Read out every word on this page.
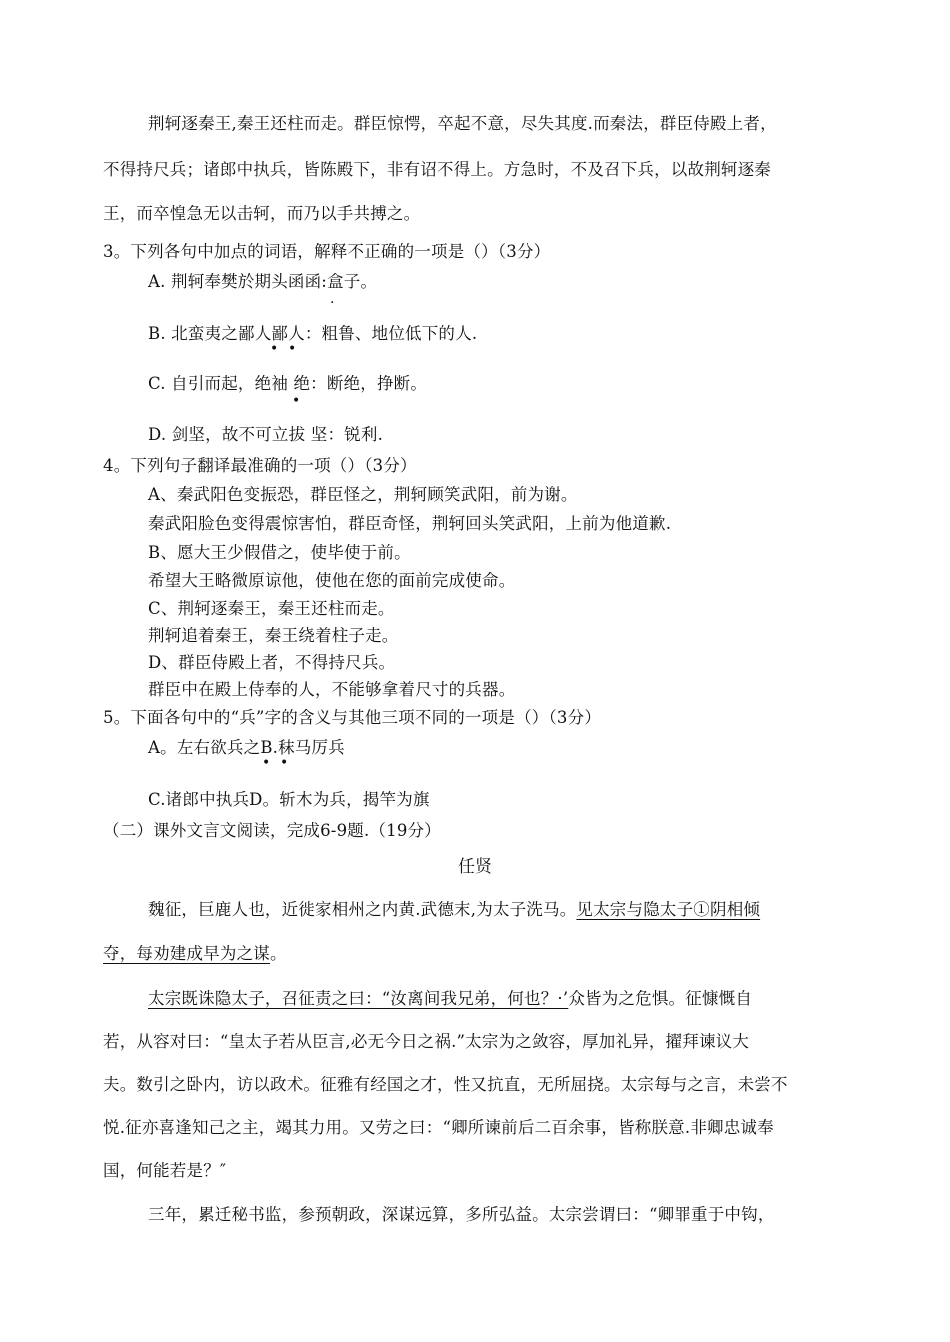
荆轲逐秦王,秦王还柱而走。群臣惊愕，卒起不意，尽失其度.而秦法，群臣侍殿上者，
不得持尺兵；诸郎中执兵，皆陈殿下，非有诏不得上。方急时，不及召下兵，以故荆轲逐秦
王，而卒惶急无以击轲，而乃以手共搏之。
3。下列各句中加点的词语，解释不正确的一项是（）（3分）
A. 荆轲奉樊於期头函函:盒子。
·
B. 北蛮夷之鄙人鄙人：粗鲁、地位低下的人.
• •
C. 自引而起，绝袖 绝：断绝，挣断。
•
D. 剑坚，故不可立拔 坚：锐利.
4。下列句子翻译最准确的一项（）（3分）
A、秦武阳色变振恐，群臣怪之，荆轲顾笑武阳，前为谢。
秦武阳脸色变得震惊害怕，群臣奇怪，荆轲回头笑武阳，上前为他道歉.
B、愿大王少假借之，使毕使于前。
希望大王略微原谅他，使他在您的面前完成使命。
C、荆轲逐秦王，秦王还柱而走。
荆轲追着秦王，秦王绕着柱子走。
D、群臣侍殿上者，不得持尺兵。
群臣中在殿上侍奉的人，不能够拿着尺寸的兵器。
5。下面各句中的“兵”字的含义与其他三项不同的一项是（）（3分）
A。左右欲兵之B.秣马厉兵
• •
C.诸郎中执兵D。斩木为兵，揭竿为旗
（二）课外文言文阅读，完成6-9题.（19分）
任贤
魏征，巨鹿人也，近徙家相州之内黄.武德末,为太子洗马。见太宗与隐太子①阴相倾
夺，每劝建成早为之谋。
太宗既诛隐太子，召征责之曰：“汝离间我兄弟，何也？·’众皆为之危惧。征慷慨自
若，从容对曰：“皇太子若从臣言,必无今日之祸.”太宗为之敛容，厚加礼异，擢拜谏议大
夫。数引之卧内，访以政术。征雅有经国之才，性又抗直，无所屈挠。太宗每与之言，未尝不
悦.征亦喜逢知己之主，竭其力用。又劳之曰：“卿所谏前后二百余事，皆称朕意.非卿忠诚奉
国，何能若是？″
三年，累迁秘书监，参预朝政，深谋远算，多所弘益。太宗尝谓曰：“卿罪重于中钩，
